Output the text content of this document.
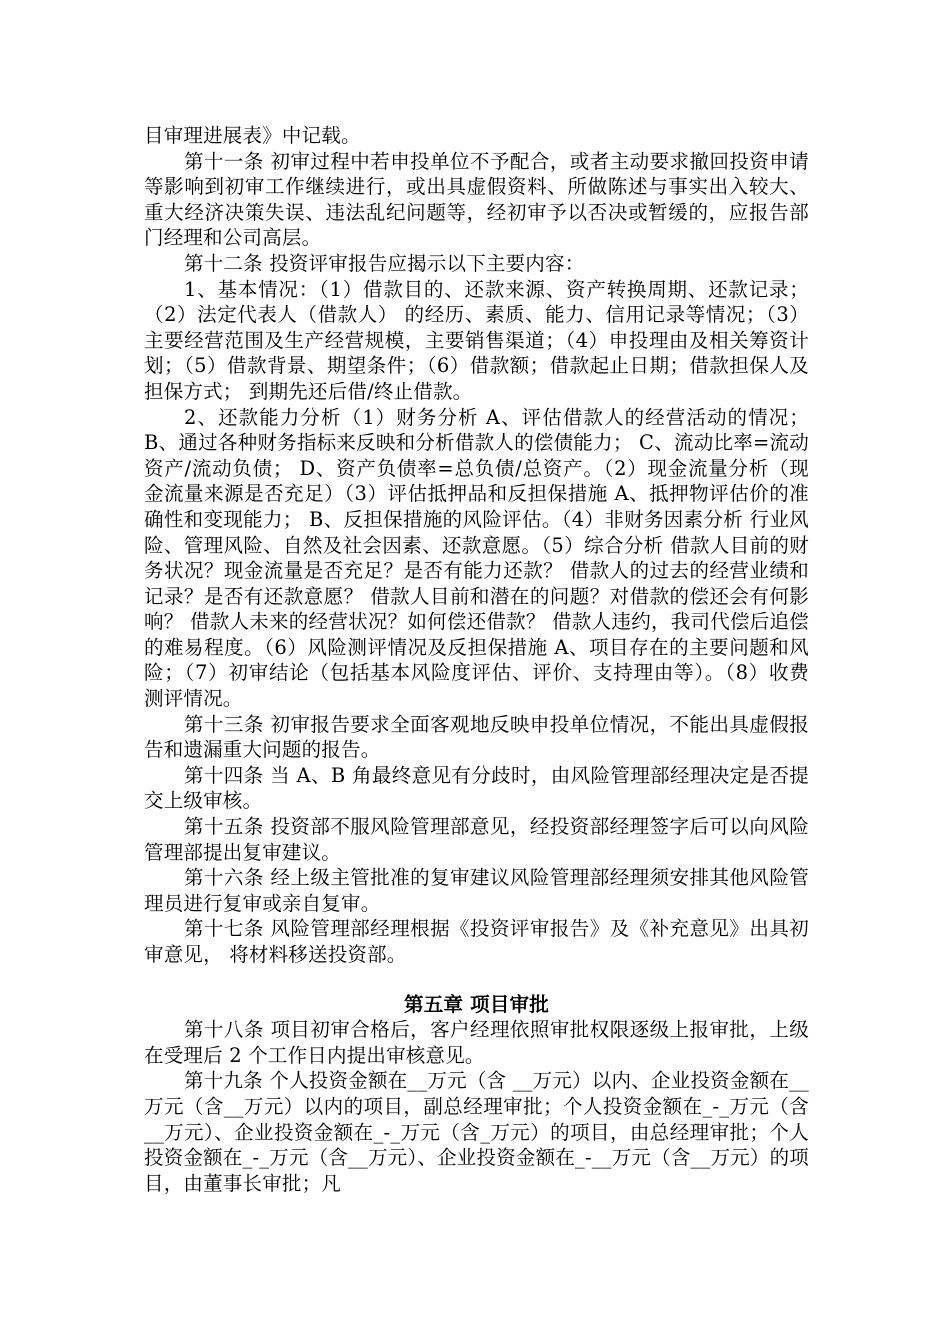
目审理进展表》中记载。

第十一条 初审过程中若申投单位不予配合，或者主动要求撤回投资申请等影响到初审工作继续进行，或出具虚假资料、所做陈述与事实出入较大、重大经济决策失误、违法乱纪问题等，经初审予以否决或暂缓的，应报告部门经理和公司高层。

第十二条 投资评审报告应揭示以下主要内容：

1、基本情况：（1）借款目的、还款来源、资产转换周期、还款记录；（2）法定代表人（借款人） 的经历、素质、能力、信用记录等情况；（3）主要经营范围及生产经营规模，主要销售渠道；（4）申投理由及相关筹资计划；（5）借款背景、期望条件；（6）借款额；借款起止日期；借款担保人及担保方式； 到期先还后借/终止借款。

2、还款能力分析（1）财务分析 A、评估借款人的经营活动的情况； B、通过各种财务指标来反映和分析借款人的偿债能力； C、流动比率=流动资产/流动负债； D、资产负债率=总负债/总资产。（2）现金流量分析（现金流量来源是否充足）（3）评估抵押品和反担保措施 A、抵押物评估价的准确性和变现能力； B、反担保措施的风险评估。（4）非财务因素分析 行业风险、管理风险、自然及社会因素、还款意愿。（5）综合分析 借款人目前的财务状况？现金流量是否充足？是否有能力还款？ 借款人的过去的经营业绩和记录？是否有还款意愿？ 借款人目前和潜在的问题？对借款的偿还会有何影响？ 借款人未来的经营状况？如何偿还借款？ 借款人违约，我司代偿后追偿的难易程度。（6）风险测评情况及反担保措施 A、项目存在的主要问题和风险；（7）初审结论（包括基本风险度评估、评价、支持理由等）。（8）收费测评情况。

第十三条 初审报告要求全面客观地反映申投单位情况，不能出具虚假报告和遗漏重大问题的报告。

第十四条 当 A、B 角最终意见有分歧时，由风险管理部经理决定是否提交上级审核。

第十五条 投资部不服风险管理部意见，经投资部经理签字后可以向风险管理部提出复审建议。

第十六条 经上级主管批准的复审建议风险管理部经理须安排其他风险管理员进行复审或亲自复审。

第十七条 风险管理部经理根据《投资评审报告》及《补充意见》出具初审意见， 将材料移送投资部。

第五章 项目审批

第十八条 项目初审合格后，客户经理依照审批权限逐级上报审批，上级在受理后 2 个工作日内提出审核意见。

第十九条 个人投资金额在__万元（含 __万元）以内、企业投资金额在__万元（含__万元）以内的项目，副总经理审批；个人投资金额在_-_万元（含__万元）、企业投资金额在_-_万元（含_万元）的项目，由总经理审批；个人投资金额在_-_万元（含__万元）、企业投资金额在_-__万元（含__万元）的项目，由董事长审批；凡
